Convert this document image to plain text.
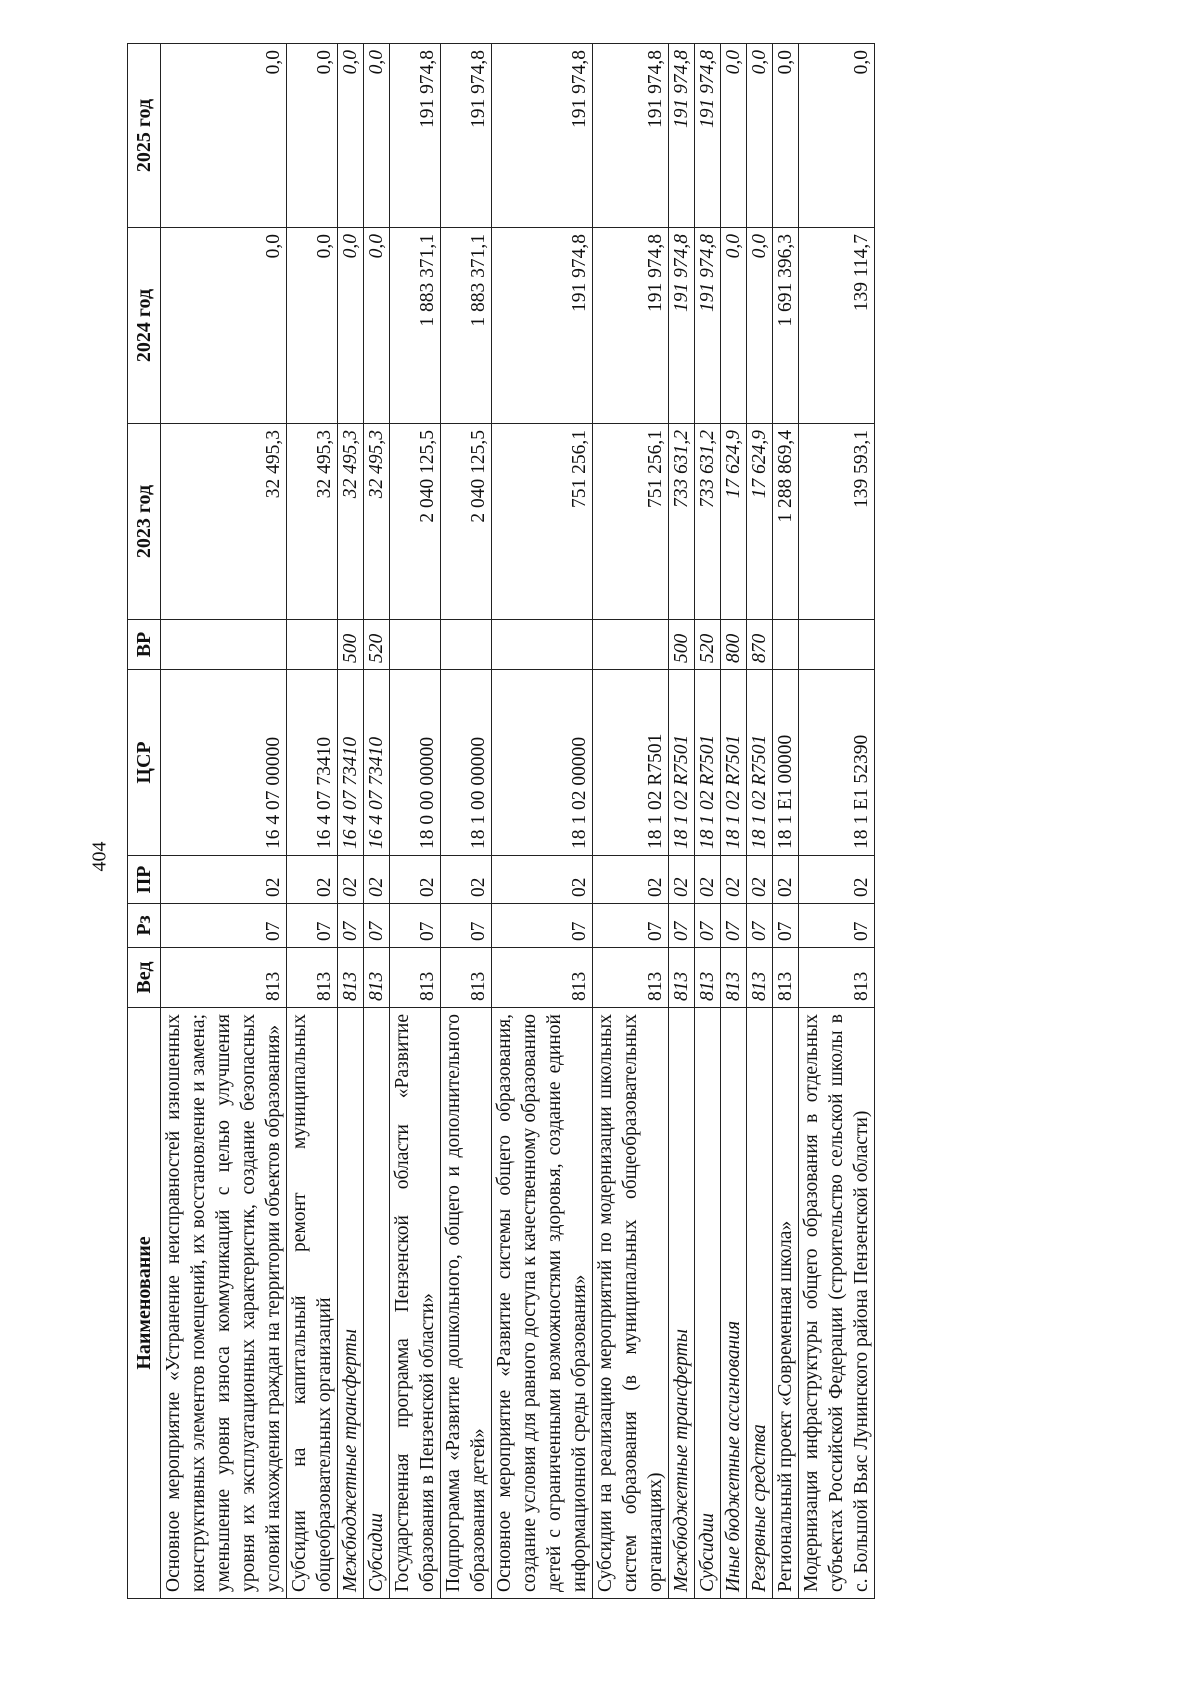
404
Наименование	Вед	Рз	ПР	ЦСР	ВР	2023 год	2024 год	2025 год
Основное мероприятие «Устранение неисправностей изношенных конструктивных элементов помещений, их восстановление и замена; уменьшение уровня износа коммуникаций с целью улучшения уровня их эксплуатационных характеристик, создание безопасных условий нахождения граждан на территории объектов образования»	813	07	02	16 4 07 00000		32 495,3	0,0	0,0
Субсидии на капитальный ремонт муниципальных общеобразовательных организаций	813	07	02	16 4 07 73410		32 495,3	0,0	0,0
Межбюджетные трансферты	813	07	02	16 4 07 73410	500	32 495,3	0,0	0,0
Субсидии	813	07	02	16 4 07 73410	520	32 495,3	0,0	0,0
Государственная программа Пензенской области «Развитие образования в Пензенской области»	813	07	02	18 0 00 00000		2 040 125,5	1 883 371,1	191 974,8
Подпрограмма «Развитие дошкольного, общего и дополнительного образования детей»	813	07	02	18 1 00 00000		2 040 125,5	1 883 371,1	191 974,8
Основное мероприятие «Развитие системы общего образования, создание условия для равного доступа к качественному образованию детей с ограниченными возможностями здоровья, создание единой информационной среды образования»	813	07	02	18 1 02 00000		751 256,1	191 974,8	191 974,8
Субсидии на реализацию мероприятий по модернизации школьных систем образования (в муниципальных общеобразовательных организациях)	813	07	02	18 1 02 R7501		751 256,1	191 974,8	191 974,8
Межбюджетные трансферты	813	07	02	18 1 02 R7501	500	733 631,2	191 974,8	191 974,8
Субсидии	813	07	02	18 1 02 R7501	520	733 631,2	191 974,8	191 974,8
Иные бюджетные ассигнования	813	07	02	18 1 02 R7501	800	17 624,9	0,0	0,0
Резервные средства	813	07	02	18 1 02 R7501	870	17 624,9	0,0	0,0
Региональный проект «Современная школа»	813	07	02	18 1 E1 00000		1 288 869,4	1 691 396,3	0,0
Модернизация инфраструктуры общего образования в отдельных субъектах Российской Федерации (строительство сельской школы в с. Большой Вьяс Лунинского района Пензенской области)	813	07	02	18 1 E1 52390		139 593,1	139 114,7	0,0
